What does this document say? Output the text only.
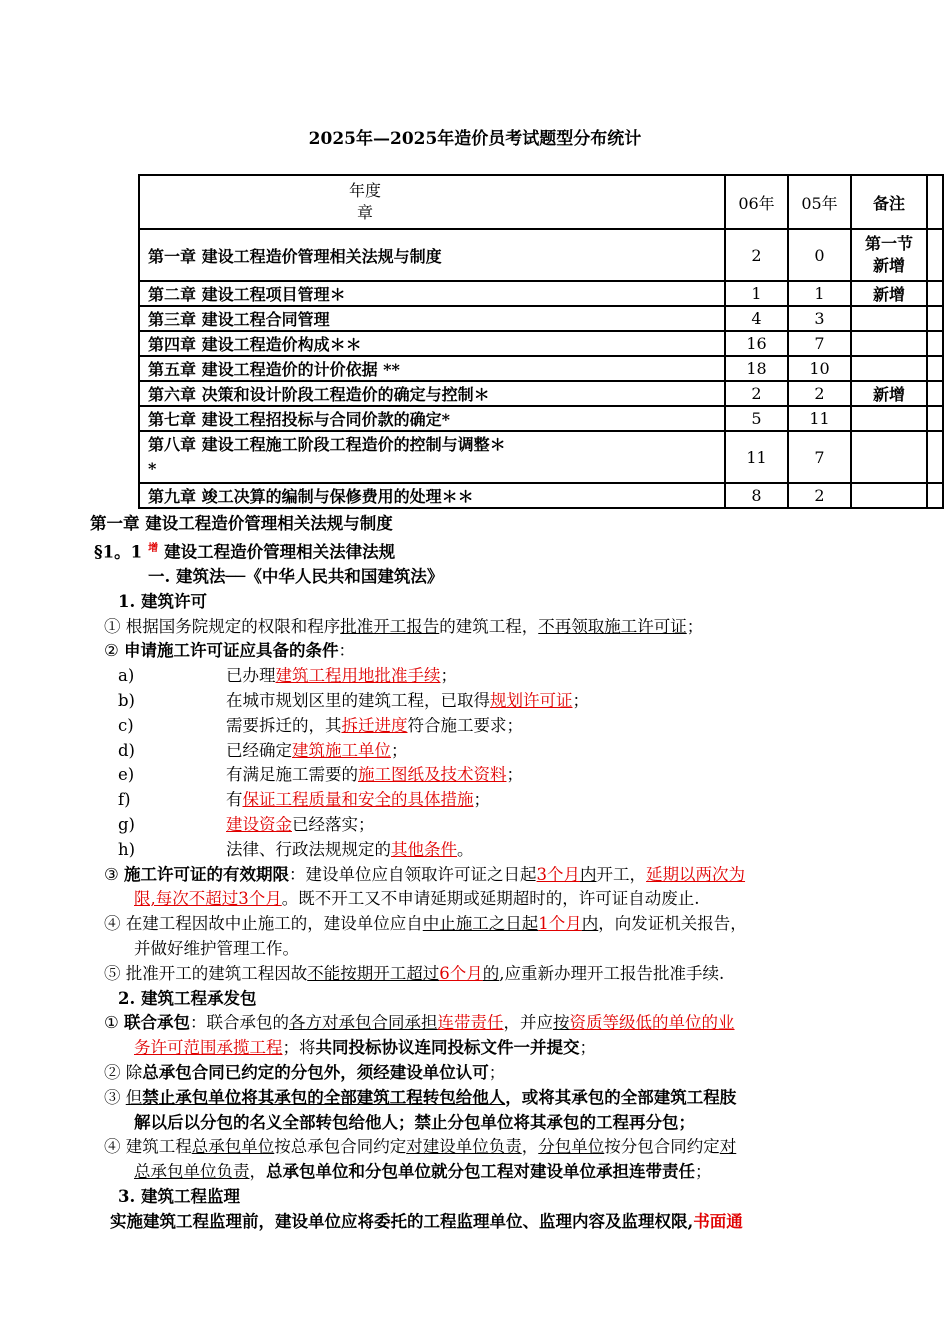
2025年—2025年造价员考试题型分布统计
年度
章	06年	05年	备注	
第一章 建设工程造价管理相关法规与制度	2	0	第一节
新增	

第二章 建设工程项目管理＊	1	1	新增	
第三章 建设工程合同管理	4	3		
第四章 建设工程造价构成＊＊	16	7		
第五章 建设工程造价的计价依据 **	18	10		
第六章 决策和设计阶段工程造价的确定与控制＊	2	2	新增	
第七章 建设工程招投标与合同价款的确定*	5	11		

第八章 建设工程施工阶段工程造价的控制与调整＊
*	11	7		
第九章 竣工决算的编制与保修费用的处理＊＊	8	2		
第一章 建设工程造价管理相关法规与制度
§1。1 $^增$ 建设工程造价管理相关法律法规
一. 建筑法──《中华人民共和国建筑法》
1. 建筑许可
① 根据国务院规定的权限和程序批准开工报告的建筑工程，不再领取施工许可证；
② 申请施工许可证应具备的条件：
a)	已办理建筑工程用地批准手续；
b)	在城市规划区里的建筑工程，已取得规划许可证；
c)	需要拆迁的，其拆迁进度符合施工要求；
d)	已经确定建筑施工单位；
e)	有满足施工需要的施工图纸及技术资料；
f)	有保证工程质量和安全的具体措施；
g)	建设资金已经落实；
h)	法律、行政法规规定的其他条件。
③ 施工许可证的有效期限：建设单位应自领取许可证之日起3个月内开工，延期以两次为
限,每次不超过3个月。既不开工又不申请延期或延期超时的，许可证自动废止.
④ 在建工程因故中止施工的，建设单位应自中止施工之日起1个月内，向发证机关报告，
并做好维护管理工作。
⑤ 批准开工的建筑工程因故不能按期开工超过6个月的,应重新办理开工报告批准手续.
2. 建筑工程承发包
① 联合承包：联合承包的各方对承包合同承担连带责任，并应按资质等级低的单位的业
务许可范围承揽工程；将共同投标协议连同投标文件一并提交；
② 除总承包合同已约定的分包外，须经建设单位认可；
③ 但禁止承包单位将其承包的全部建筑工程转包给他人，或将其承包的全部建筑工程肢
解以后以分包的名义全部转包给他人；禁止分包单位将其承包的工程再分包；
④ 建筑工程总承包单位按总承包合同约定对建设单位负责，分包单位按分包合同约定对
总承包单位负责，总承包单位和分包单位就分包工程对建设单位承担连带责任；
3. 建筑工程监理
实施建筑工程监理前，建设单位应将委托的工程监理单位、监理内容及监理权限,书面通
